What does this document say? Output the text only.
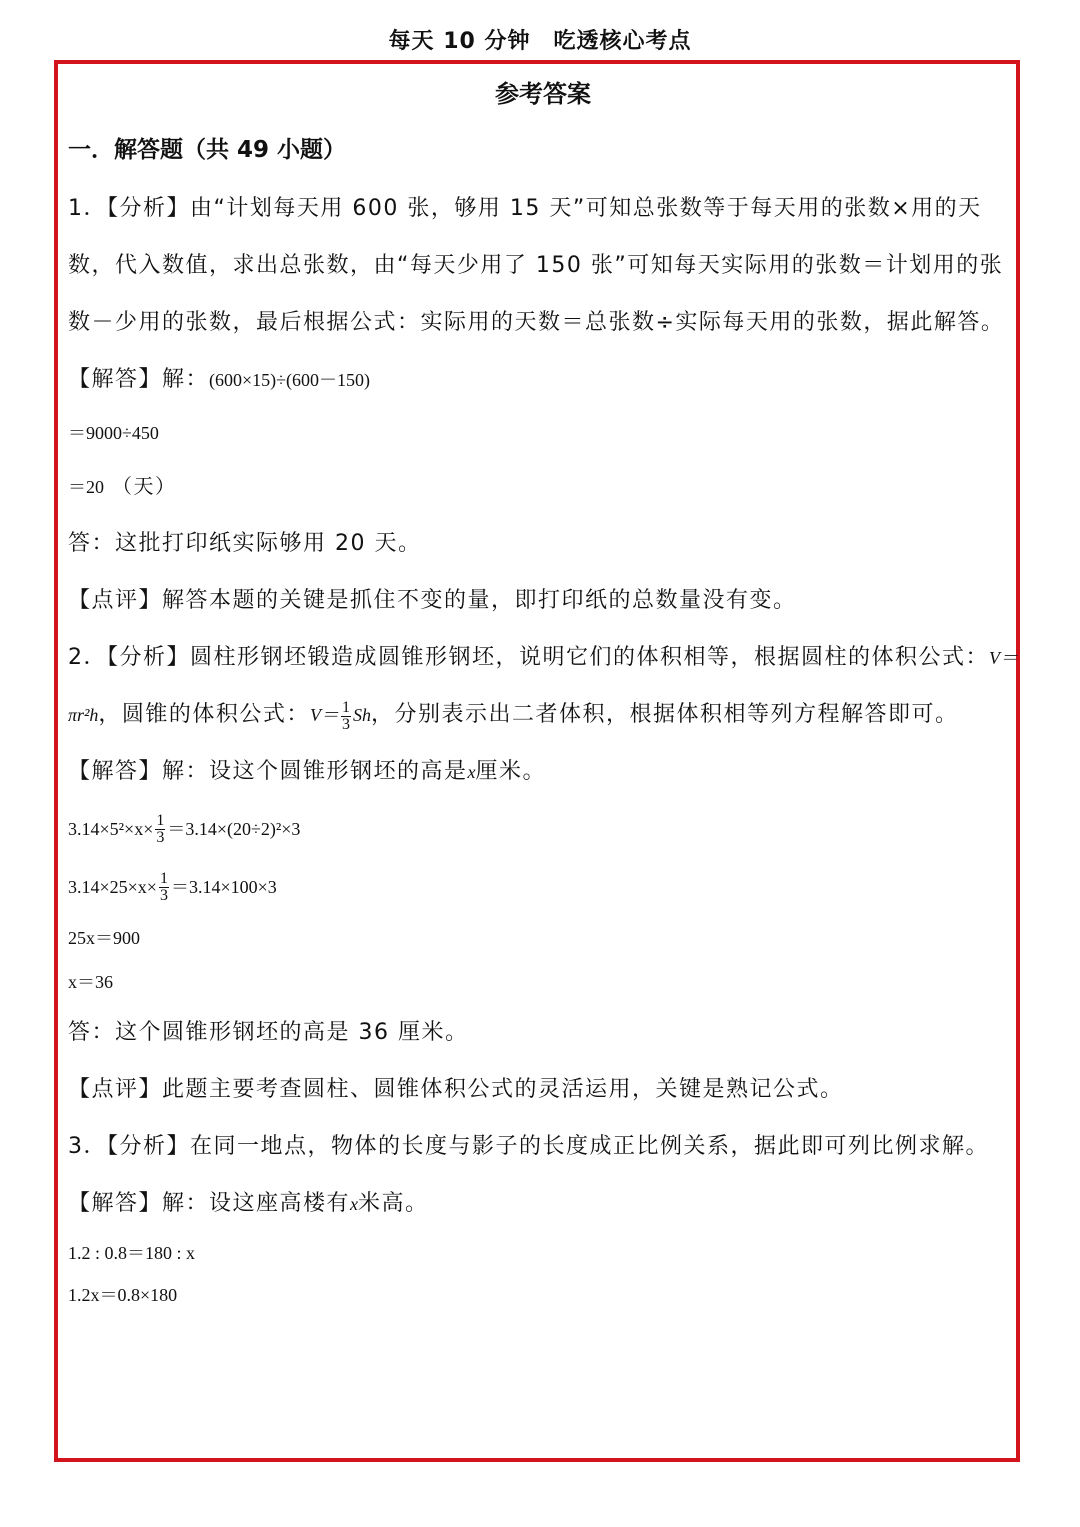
每天 10 分钟　吃透核心考点
参考答案
一．解答题（共 49 小题）
1．【分析】由“计划每天用 600 张，够用 15 天”可知总张数等于每天用的张数×用的天数，代入数值，求出总张数，由“每天少用了 150 张”可知每天实际用的张数＝计划用的张数－少用的张数，最后根据公式：实际用的天数＝总张数÷实际每天用的张数，据此解答。
【解答】解： (600×15)÷(600－150)
＝9000÷450
＝20 （天）
答：这批打印纸实际够用 20 天。
【点评】解答本题的关键是抓住不变的量，即打印纸的总数量没有变。
2．【分析】圆柱形钢坯锻造成圆锥形钢坯，说明它们的体积相等，根据圆柱的体积公式：V＝πr²h，圆锥的体积公式：$V= \frac{1}{3}$ Sh，分别表示出二者体积，根据体积相等列方程解答即可。
【解答】解：设这个圆锥形钢坯的高是x厘米。
$3.14\times 5^2\times x\times \frac{1}{3} =3.14\times(20\div 2)^2\times 3$
$3.14\times 25\times x\times \frac{1}{3} =3.14\times 100\times 3$
25x＝900
x＝36
答：这个圆锥形钢坯的高是 36 厘米。
【点评】此题主要考查圆柱、圆锥体积公式的灵活运用，关键是熟记公式。
3．【分析】在同一地点，物体的长度与影子的长度成正比例关系，据此即可列比例求解。
【解答】解：设这座高楼有x米高。
1.2 : 0.8＝180 : x
1.2x＝0.8×180
